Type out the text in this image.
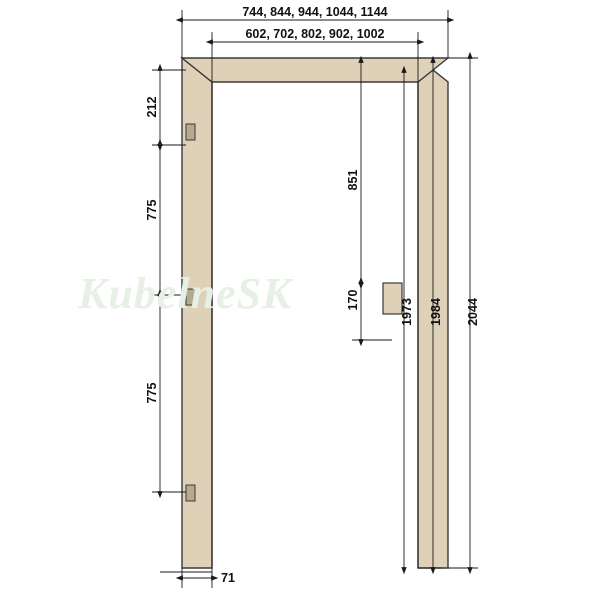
744, 844, 944, 1044, 1144
602, 702, 802, 902, 1002
212
775
775
851
170	1973 1984 2044
71
KubelneSK
